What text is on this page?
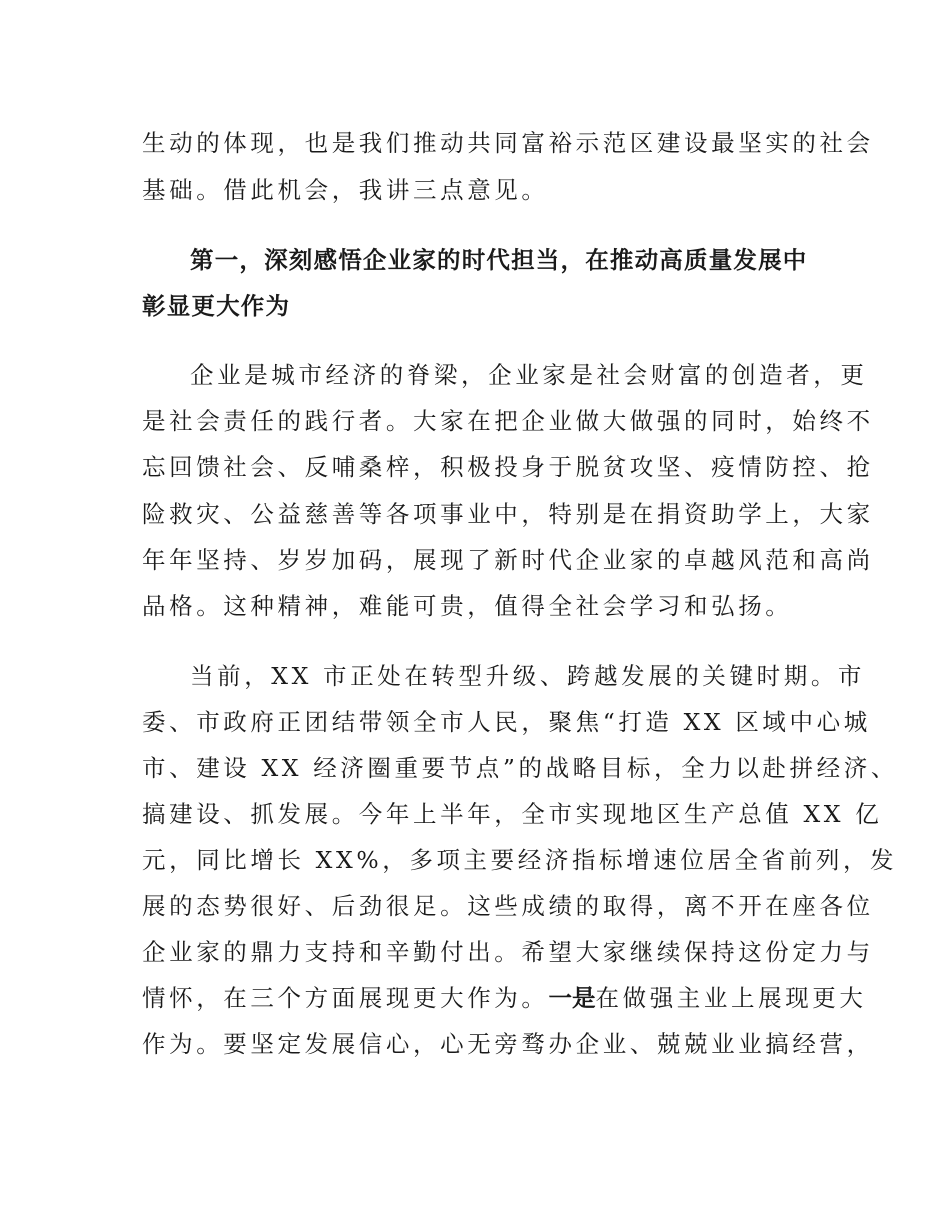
生动的体现，也是我们推动共同富裕示范区建设最坚实的社会
基础。借此机会，我讲三点意见。
第一，深刻感悟企业家的时代担当，在推动高质量发展中
彰显更大作为
企业是城市经济的脊梁，企业家是社会财富的创造者，更
是社会责任的践行者。大家在把企业做大做强的同时，始终不
忘回馈社会、反哺桑梓，积极投身于脱贫攻坚、疫情防控、抢
险救灾、公益慈善等各项事业中，特别是在捐资助学上，大家
年年坚持、岁岁加码，展现了新时代企业家的卓越风范和高尚
品格。这种精神，难能可贵，值得全社会学习和弘扬。
当前，XX 市正处在转型升级、跨越发展的关键时期。市
委、市政府正团结带领全市人民，聚焦“打造 XX 区域中心城
市、建设 XX 经济圈重要节点”的战略目标，全力以赴拼经济、
搞建设、抓发展。今年上半年，全市实现地区生产总值 XX 亿
元，同比增长 XX%，多项主要经济指标增速位居全省前列，发
展的态势很好、后劲很足。这些成绩的取得，离不开在座各位
企业家的鼎力支持和辛勤付出。希望大家继续保持这份定力与
情怀，在三个方面展现更大作为。一是在做强主业上展现更大
作为。要坚定发展信心，心无旁骛办企业、兢兢业业搞经营，
